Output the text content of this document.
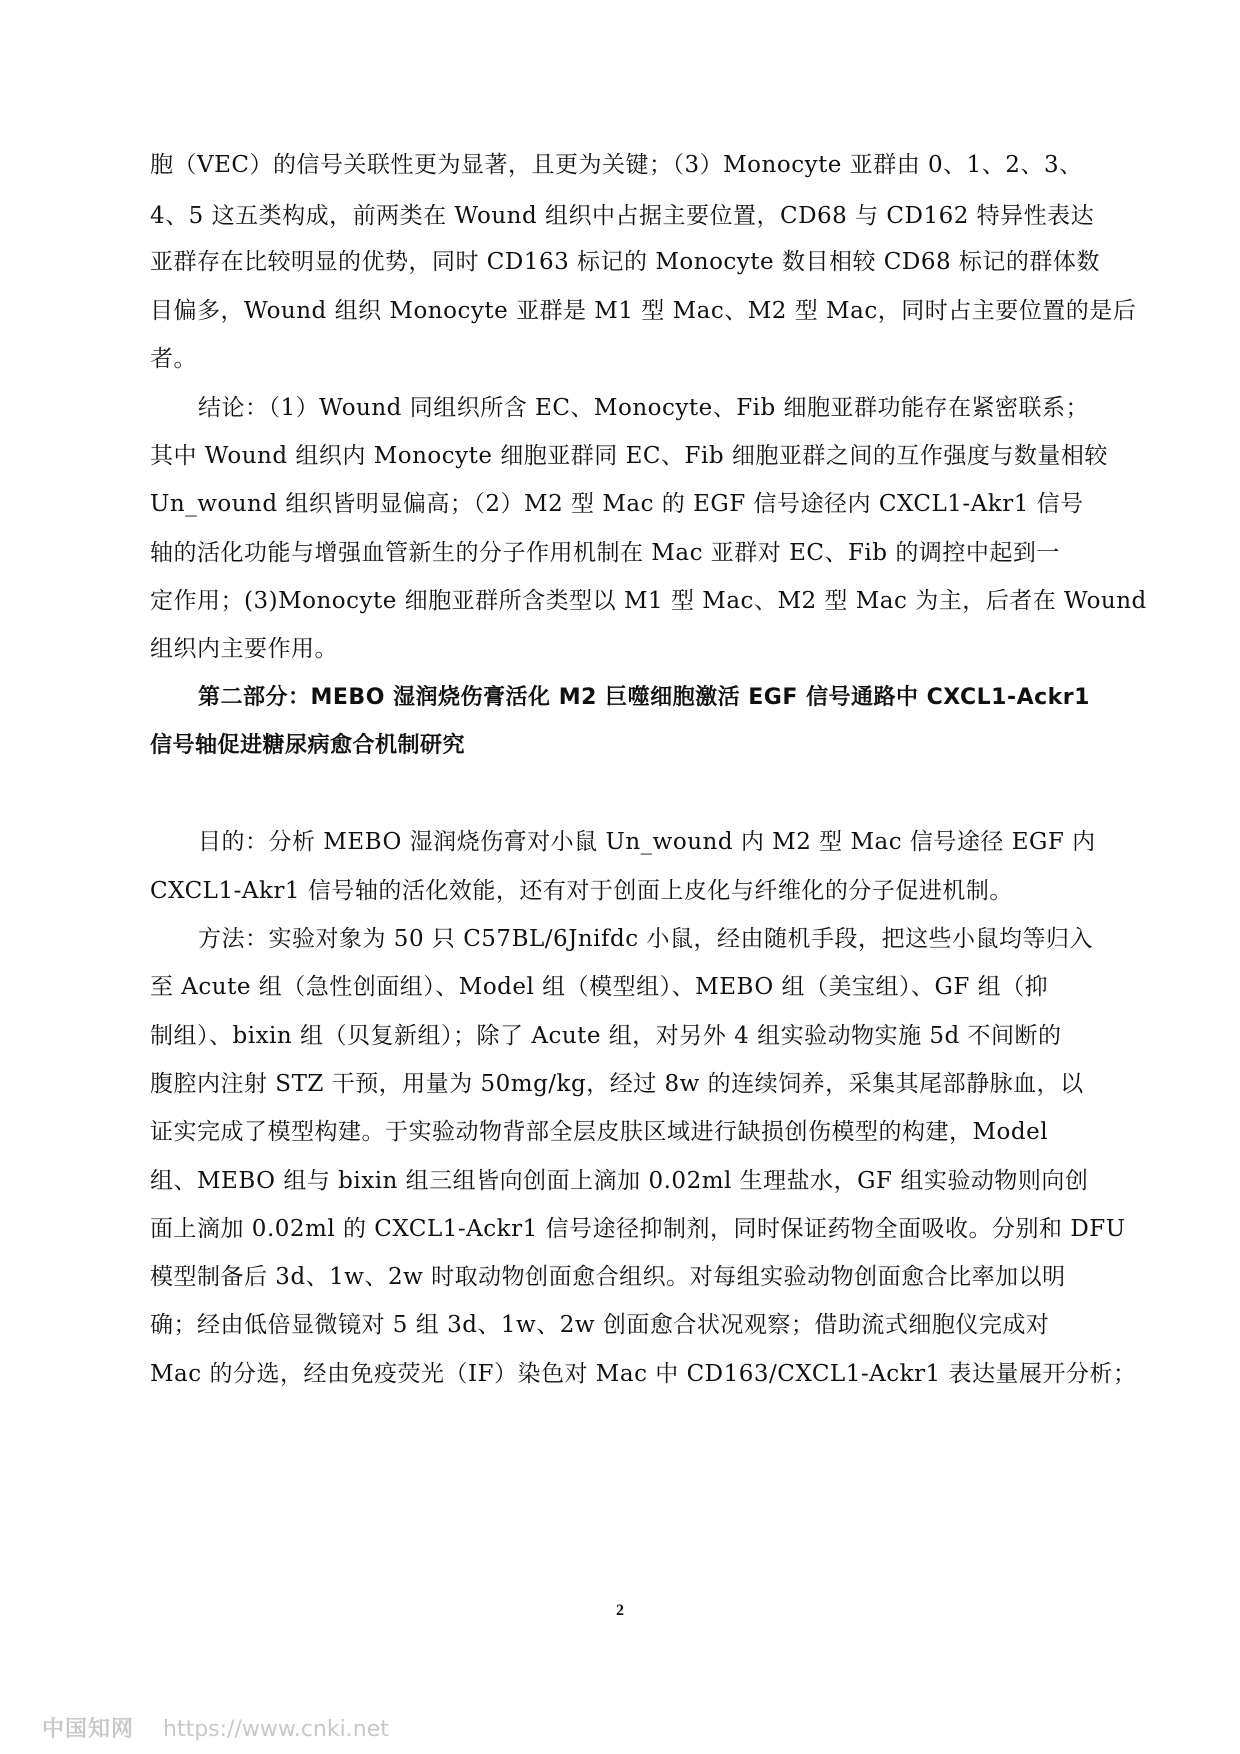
胞（VEC）的信号关联性更为显著，且更为关键；（3）Monocyte 亚群由 0、1、2、3、
4、5 这五类构成，前两类在 Wound 组织中占据主要位置，CD68 与 CD162 特异性表达
亚群存在比较明显的优势，同时 CD163 标记的 Monocyte 数目相较 CD68 标记的群体数
目偏多，Wound 组织 Monocyte 亚群是 M1 型 Mac、M2 型 Mac，同时占主要位置的是后
者。
结论：（1）Wound 同组织所含 EC、Monocyte、Fib 细胞亚群功能存在紧密联系；
其中 Wound 组织内 Monocyte 细胞亚群同 EC、Fib 细胞亚群之间的互作强度与数量相较
Un_wound 组织皆明显偏高；（2）M2 型 Mac 的 EGF 信号途径内 CXCL1-Akr1 信号
轴的活化功能与增强血管新生的分子作用机制在 Mac 亚群对 EC、Fib 的调控中起到一
定作用；(3)Monocyte 细胞亚群所含类型以 M1 型 Mac、M2 型 Mac 为主，后者在 Wound
组织内主要作用。
第二部分：MEBO 湿润烧伤膏活化 M2 巨噬细胞激活 EGF 信号通路中 CXCL1-Ackr1
信号轴促进糖尿病愈合机制研究
目的：分析 MEBO 湿润烧伤膏对小鼠 Un_wound 内 M2 型 Mac 信号途径 EGF 内
CXCL1-Akr1 信号轴的活化效能，还有对于创面上皮化与纤维化的分子促进机制。
方法：实验对象为 50 只 C57BL/6Jnifdc 小鼠，经由随机手段，把这些小鼠均等归入
至 Acute 组（急性创面组）、Model 组（模型组）、MEBO 组（美宝组）、GF 组（抑
制组）、bixin 组（贝复新组）；除了 Acute 组，对另外 4 组实验动物实施 5d 不间断的
腹腔内注射 STZ 干预，用量为 50mg/kg，经过 8w 的连续饲养，采集其尾部静脉血，以
证实完成了模型构建。于实验动物背部全层皮肤区域进行缺损创伤模型的构建，Model
组、MEBO 组与 bixin 组三组皆向创面上滴加 0.02ml 生理盐水，GF 组实验动物则向创
面上滴加 0.02ml 的 CXCL1-Ackr1 信号途径抑制剂，同时保证药物全面吸收。分别和 DFU
模型制备后 3d、1w、2w 时取动物创面愈合组织。对每组实验动物创面愈合比率加以明
确；经由低倍显微镜对 5 组 3d、1w、2w 创面愈合状况观察；借助流式细胞仪完成对
Mac 的分选，经由免疫荧光（IF）染色对 Mac 中 CD163/CXCL1-Ackr1 表达量展开分析；
2
中国知网 https://www.cnki.net
